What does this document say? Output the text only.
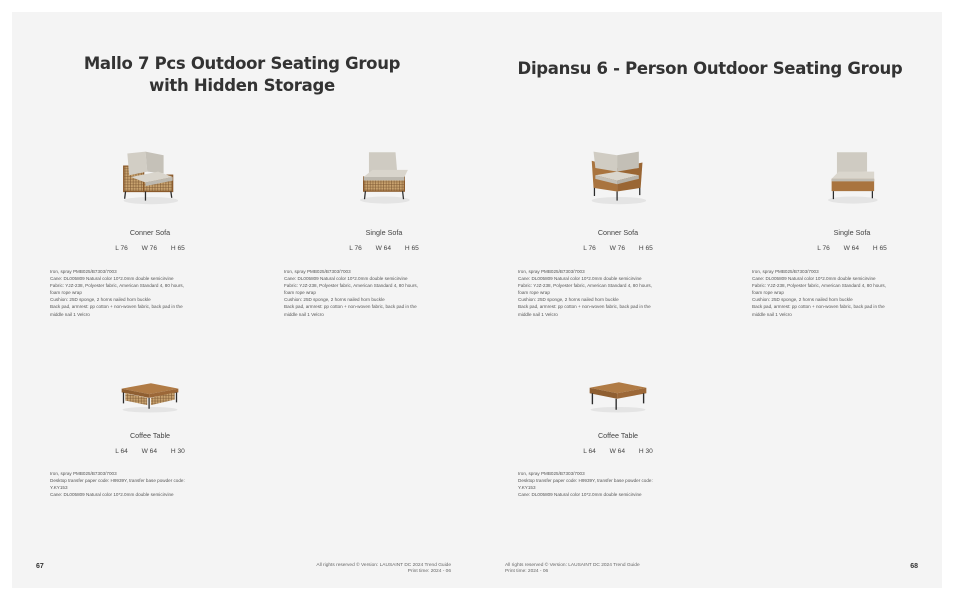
Mallo 7 Pcs Outdoor Seating Group
with Hidden Storage
Conner Sofa
L 76 W 76 H 65
Iron, spray PMB025/B7303/7003
Cane: DL005809 Natural color 10*2.0mm double semicirvine
Fabric: YJZ-238, Polyester fabric, American Standard 4, 80 hours,
foam rope wrap
Cushion: 25D sponge, 2 horns nailed horn buckle
Back pad, armrest: pp cotton + non-woven fabric, back pad in the
middle nail 1 Velcro
Single Sofa
L 76 W 64 H 65
Iron, spray PMB025/B7303/7003
Cane: DL005809 Natural color 10*2.0mm double semicirvine
Fabric: YJZ-238, Polyester fabric, American Standard 4, 80 hours,
foam rope wrap
Cushion: 25D sponge, 2 horns nailed horn buckle
Back pad, armrest: pp cotton + non-woven fabric, back pad in the
middle nail 1 Velcro
Coffee Table
L 64 W 64 H 30
Iron, spray PMB025/B7303/7003
Desktop transfer paper code: H9939Y, transfer base powder code:
Y.KY153
Cane: DL005809 Natural color 10*2.0mm double semicirvine
67	All rights reserved © Version: LAUSAINT DC 2024 Trend Guide
Print time: 2024 - 06
Dipansu 6 - Person Outdoor Seating Group
Conner Sofa
L 76 W 76 H 65
Iron, spray PMB025/B7303/7003
Cane: DL005809 Natural color 10*2.0mm double semicirvine
Fabric: YJZ-238, Polyester fabric, American Standard 4, 80 hours,
foam rope wrap
Cushion: 25D sponge, 2 horns nailed horn buckle
Back pad, armrest: pp cotton + non-woven fabric, back pad in the
middle nail 1 Velcro
Single Sofa
L 76 W 64 H 65
Iron, spray PMB025/B7303/7003
Cane: DL005809 Natural color 10*2.0mm double semicirvine
Fabric: YJZ-238, Polyester fabric, American Standard 4, 80 hours,
foam rope wrap
Cushion: 25D sponge, 2 horns nailed horn buckle
Back pad, armrest: pp cotton + non-woven fabric, back pad in the
middle nail 1 Velcro
Coffee Table
L 64 W 64 H 30
Iron, spray PMB025/B7303/7003
Desktop transfer paper code: H9939Y, transfer base powder code:
Y.KY153
Cane: DL005809 Natural color 10*2.0mm double semicirvine
68
All rights reserved © Version: LAUSAINT DC 2024 Trend Guide
Print time: 2024 - 06
